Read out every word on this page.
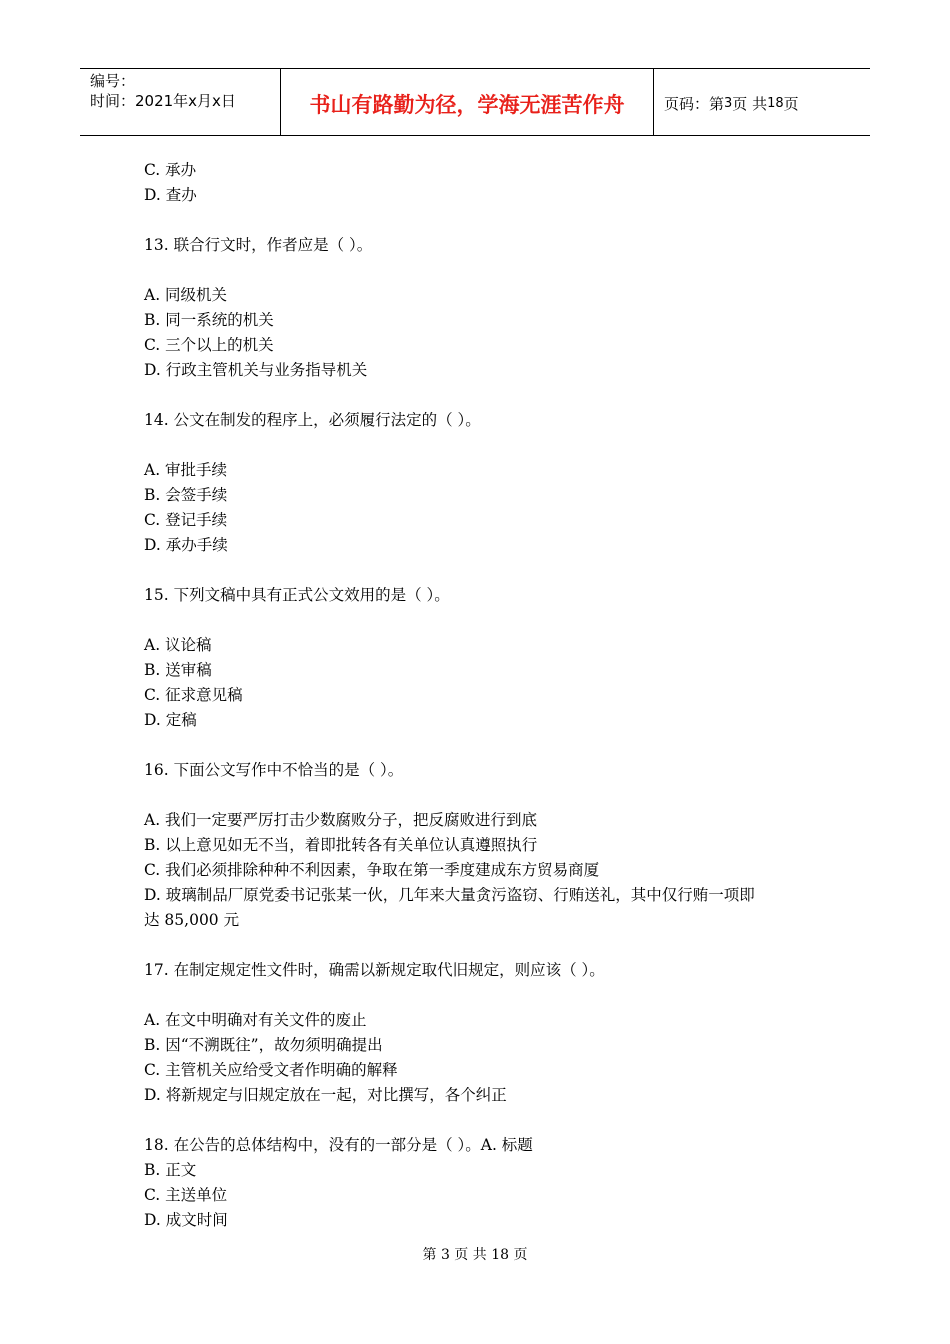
编号：
时间：2021年x月x日	书山有路勤为径，学海无涯苦作舟	页码：第 3 页 共 18 页
C. 承办
D. 查办
13. 联合行文时，作者应是（ ）。
A. 同级机关
B. 同一系统的机关
C. 三个以上的机关
D. 行政主管机关与业务指导机关
14. 公文在制发的程序上，必须履行法定的（ ）。
A. 审批手续
B. 会签手续
C. 登记手续
D. 承办手续
15. 下列文稿中具有正式公文效用的是（ ）。
A. 议论稿
B. 送审稿
C. 征求意见稿
D. 定稿
16. 下面公文写作中不恰当的是（ ）。
A. 我们一定要严厉打击少数腐败分子，把反腐败进行到底
B. 以上意见如无不当，着即批转各有关单位认真遵照执行
C. 我们必须排除种种不利因素，争取在第一季度建成东方贸易商厦
D. 玻璃制品厂原党委书记张某一伙，几年来大量贪污盗窃、行贿送礼，其中仅行贿一项即
达 85,000 元
17. 在制定规定性文件时，确需以新规定取代旧规定，则应该（ ）。
A. 在文中明确对有关文件的废止
B. 因“不溯既往”，故勿须明确提出
C. 主管机关应给受文者作明确的解释
D. 将新规定与旧规定放在一起，对比撰写，各个纠正
18. 在公告的总体结构中，没有的一部分是（ ）。A. 标题
B. 正文
C. 主送单位
D. 成文时间
第 3 页 共 18 页
